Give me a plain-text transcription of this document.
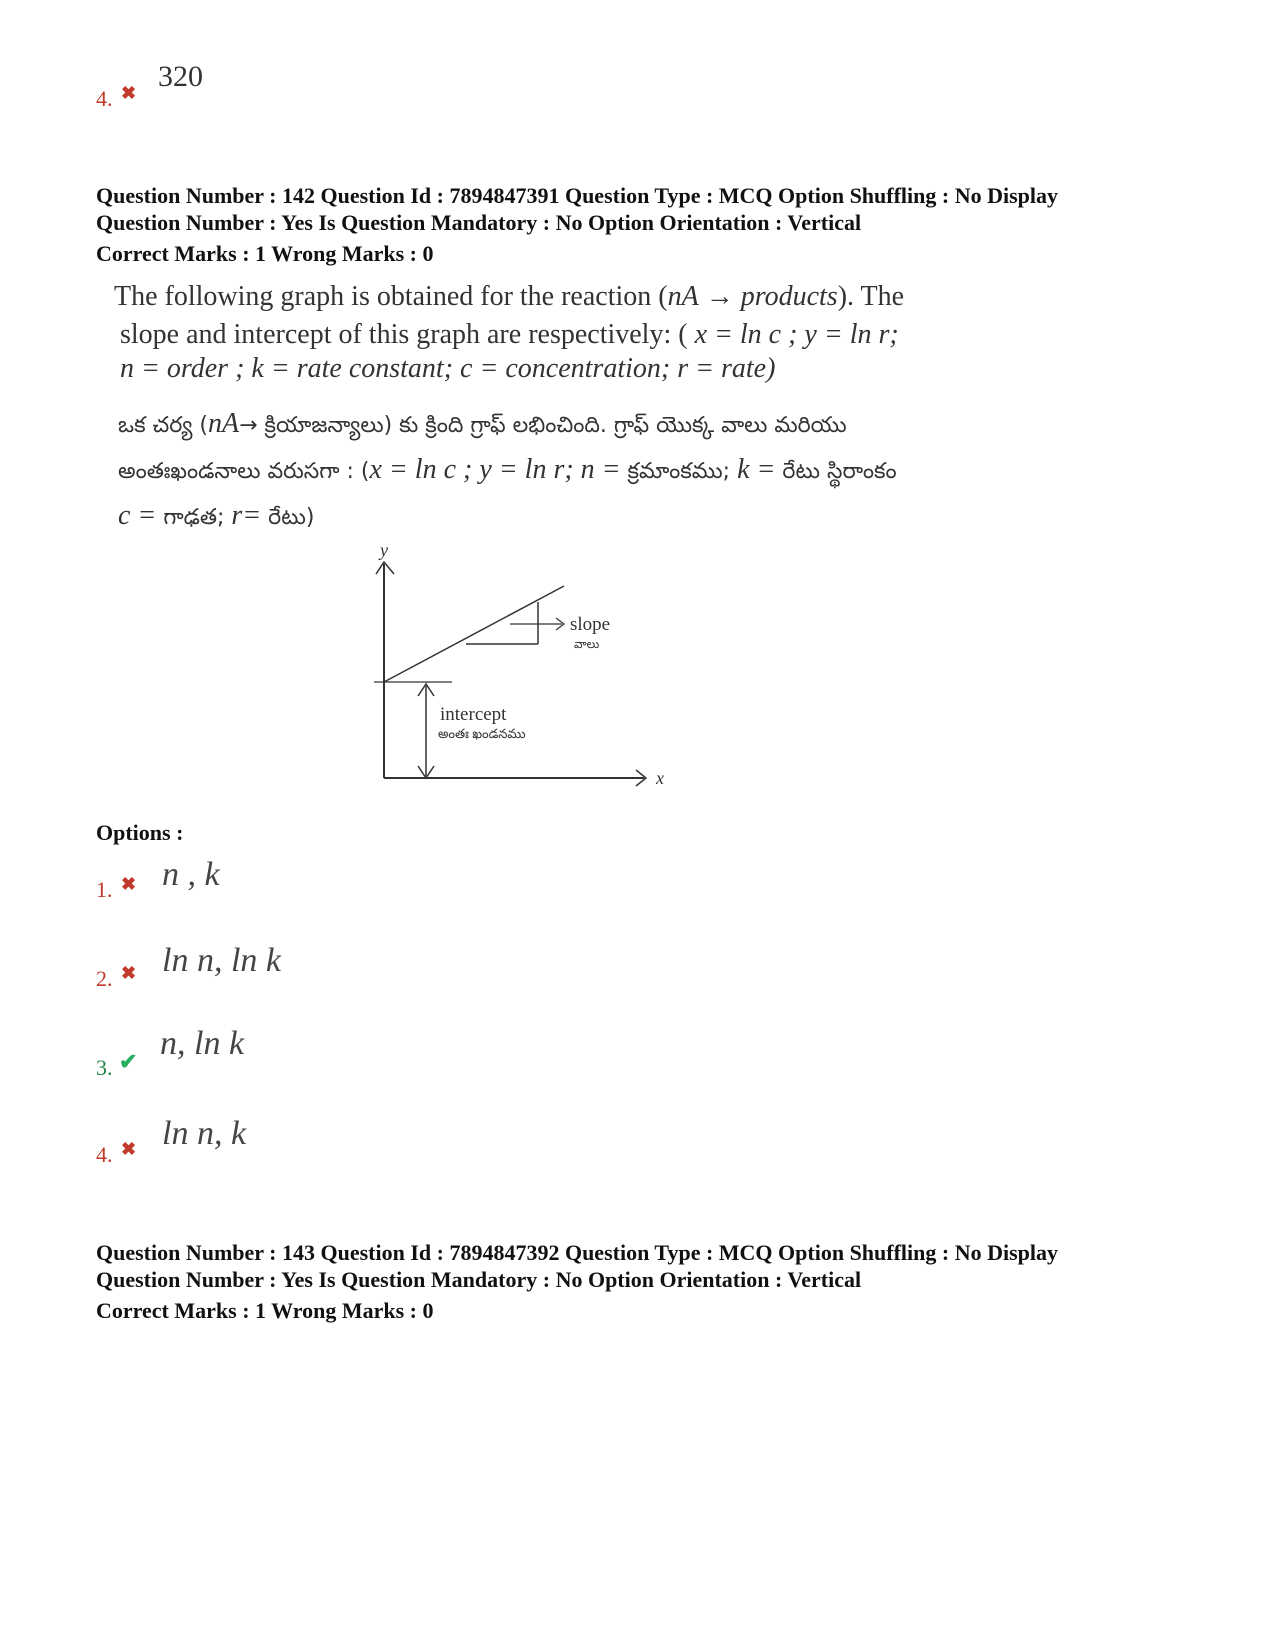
4. ✖
320
Question Number : 142 Question Id : 7894847391 Question Type : MCQ Option Shuffling : No Display
Question Number : Yes Is Question Mandatory : No Option Orientation : Vertical
Correct Marks : 1 Wrong Marks : 0
The following graph is obtained for the reaction (nA → products). The
slope and intercept of this graph are respectively: ( x = ln c ; y = ln r;
n = order ; k = rate constant; c = concentration; r = rate)
ఒక చర్య (nA→ క్రియాజన్యాలు) కు క్రింది గ్రాఫ్ లభించింది. గ్రాఫ్ యొక్క వాలు మరియు
అంతఃఖండనాలు వరుసగా : (x = ln c ; y = ln r; n = క్రమాంకము; k = రేటు స్థిరాంకం
c = గాఢత; r= రేటు)
y
x
slope
వాలు
intercept
అంతః ఖండనము
Options :
1. ✖ n , k
2. ✖ ln n, ln k
3. ✔ n, ln k
4. ✖ ln n, k
Question Number : 143 Question Id : 7894847392 Question Type : MCQ Option Shuffling : No Display
Question Number : Yes Is Question Mandatory : No Option Orientation : Vertical
Correct Marks : 1 Wrong Marks : 0
